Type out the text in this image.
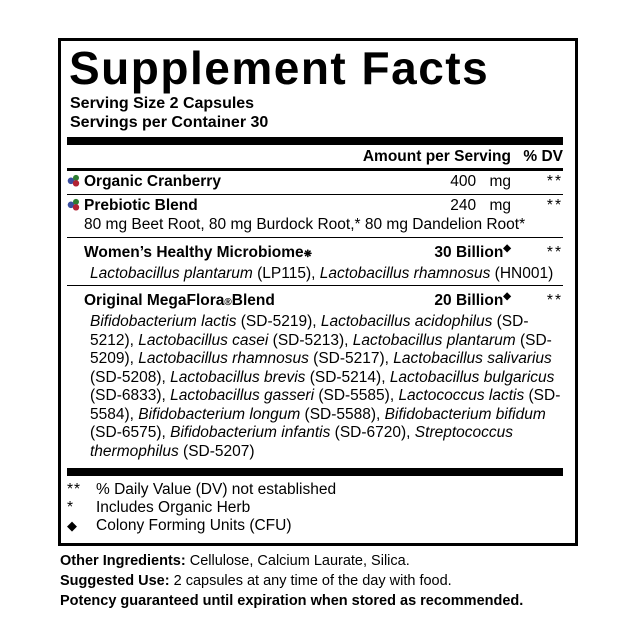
Supplement Facts
Serving Size 2 Capsules
Servings per Container 30
Amount per Serving % DV
Organic Cranberry	400 mg	**
Prebiotic Blend	240 mg	**
80 mg Beet Root, 80 mg Burdock Root,* 80 mg Dandelion Root*
Women’s Healthy Microbiome ❋	30 Billion◆	**
Lactobacillus plantarum (LP115), Lactobacillus rhamnosus (HN001)
Original MegaFlora ® Blend	20 Billion◆	**
Bifidobacterium lactis (SD-5219), Lactobacillus acidophilus (SD-5212), Lactobacillus casei (SD-5213), Lactobacillus plantarum (SD-5209), Lactobacillus rhamnosus (SD-5217), Lactobacillus salivarius (SD-5208), Lactobacillus brevis (SD-5214), Lactobacillus bulgaricus (SD-6833), Lactobacillus gasseri (SD-5585), Lactococcus lactis (SD-5584), Bifidobacterium longum (SD-5588), Bifidobacterium bifidum (SD-6575), Bifidobacterium infantis (SD-6720), Streptococcus thermophilus (SD-5207)
** % Daily Value (DV) not established
*	Includes Organic Herb
◆	Colony Forming Units (CFU)
Other Ingredients: Cellulose, Calcium Laurate, Silica.
Suggested Use: 2 capsules at any time of the day with food.
Potency guaranteed until expiration when stored as recommended.
